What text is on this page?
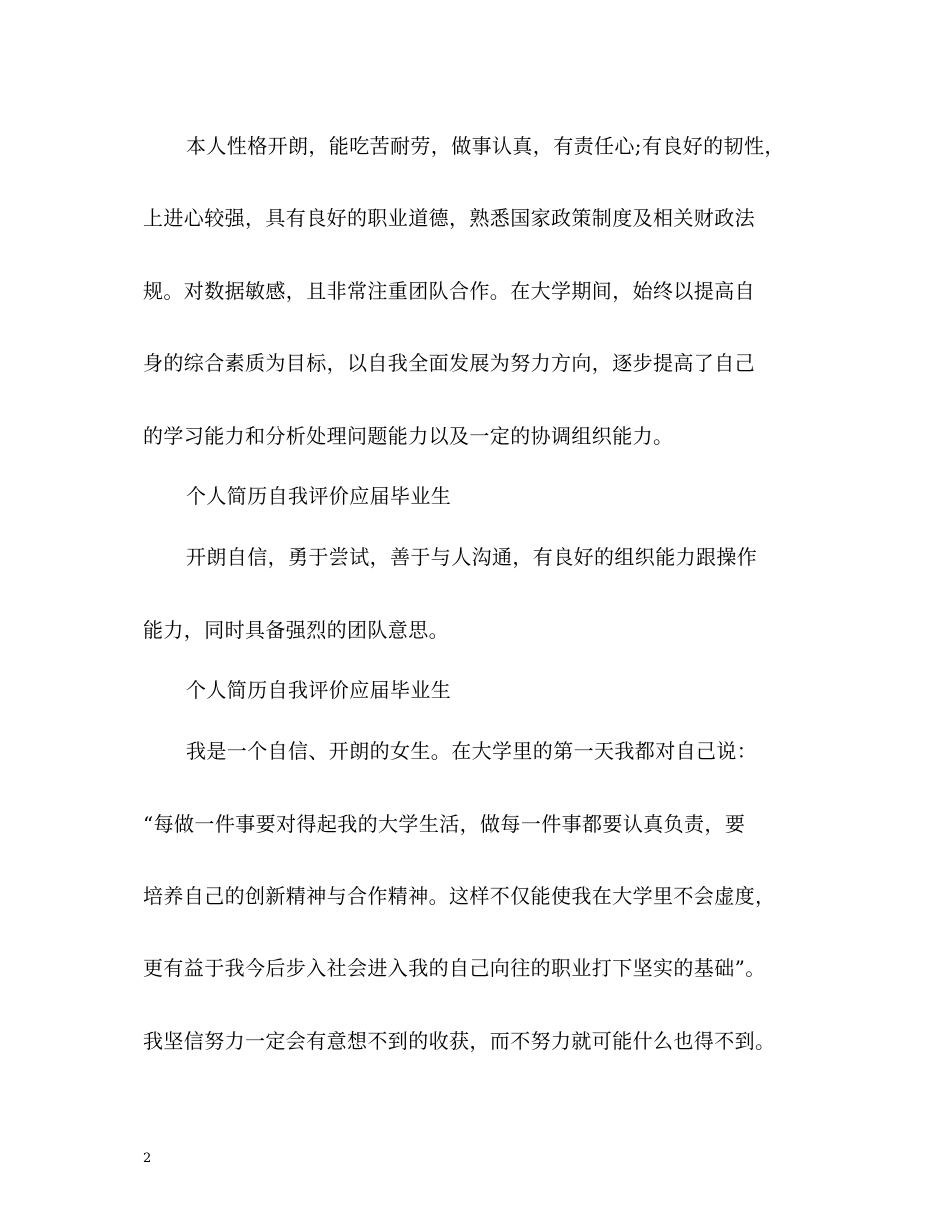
本人性格开朗，能吃苦耐劳，做事认真，有责任心;有良好的韧性，
上进心较强，具有良好的职业道德，熟悉国家政策制度及相关财政法
规。对数据敏感，且非常注重团队合作。在大学期间，始终以提高自
身的综合素质为目标，以自我全面发展为努力方向，逐步提高了自己
的学习能力和分析处理问题能力以及一定的协调组织能力。
个人简历自我评价应届毕业生
开朗自信，勇于尝试，善于与人沟通，有良好的组织能力跟操作
能力，同时具备强烈的团队意思。
个人简历自我评价应届毕业生
我是一个自信、开朗的女生。在大学里的第一天我都对自己说：
“每做一件事要对得起我的大学生活，做每一件事都要认真负责，要
培养自己的创新精神与合作精神。这样不仅能使我在大学里不会虚度，
更有益于我今后步入社会进入我的自己向往的职业打下坚实的基础”。
我坚信努力一定会有意想不到的收获，而不努力就可能什么也得不到。
2
